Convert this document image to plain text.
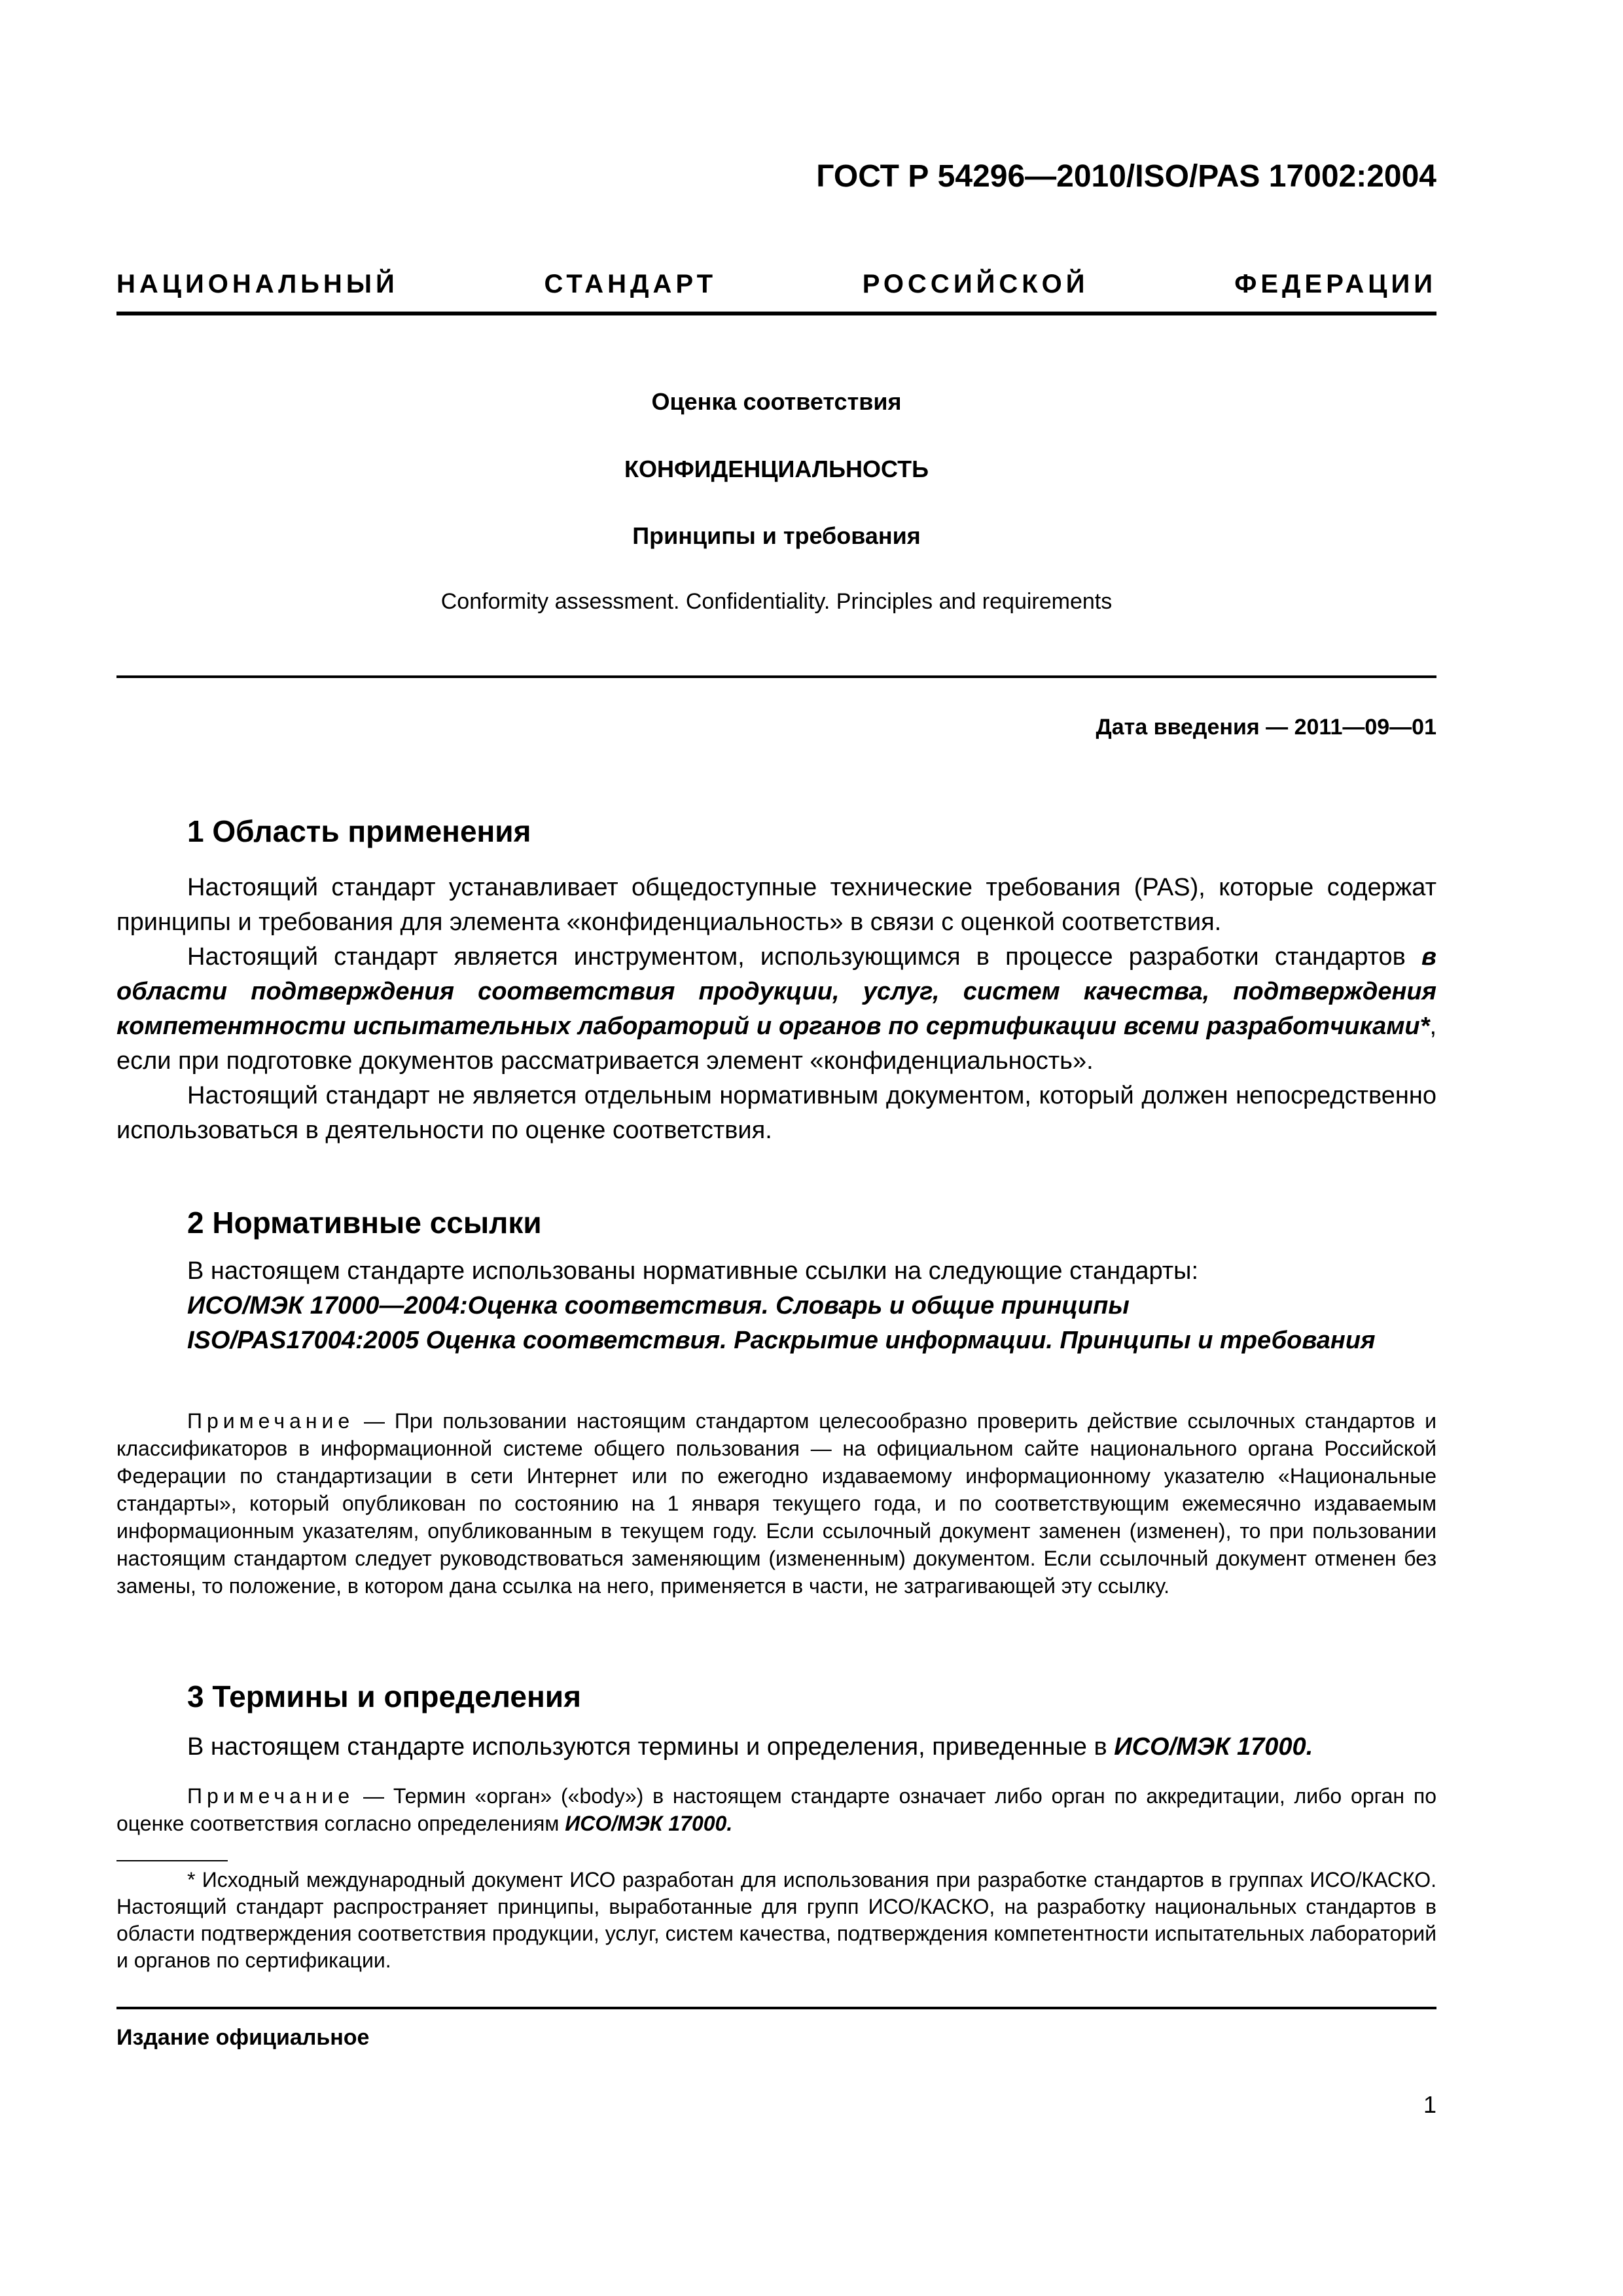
ГОСТ Р 54296—2010/ISO/PAS 17002:2004
НАЦИОНАЛЬНЫЙ СТАНДАРТ РОССИЙСКОЙ ФЕДЕРАЦИИ
Оценка соответствия
КОНФИДЕНЦИАЛЬНОСТЬ
Принципы и требования
Conformity assessment. Confidentiality. Principles and requirements
Дата введения — 2011—09—01
1 Область применения

Настоящий стандарт устанавливает общедоступные технические требования (PAS), которые содержат принципы и требования для элемента «конфиденциальность» в связи с оценкой соответствия.

Настоящий стандарт является инструментом, использующимся в процессе разработки стандартов в области подтверждения соответствия продукции, услуг, систем качества, подтверждения компетентности испытательных лабораторий и органов по сертификации всеми разработчиками*, если при подготовке документов рассматривается элемент «конфиденциальность».

Настоящий стандарт не является отдельным нормативным документом, который должен непосредственно использоваться в деятельности по оценке соответствия.

2 Нормативные ссылки

В настоящем стандарте использованы нормативные ссылки на следующие стандарты:

ИСО/МЭК 17000—2004:Оценка соответствия. Словарь и общие принципы

ISO/PAS17004:2005 Оценка соответствия. Раскрытие информации. Принципы и требования

Примечание — При пользовании настоящим стандартом целесообразно проверить действие ссылочных стандартов и классификаторов в информационной системе общего пользования — на официальном сайте национального органа Российской Федерации по стандартизации в сети Интернет или по ежегодно издаваемому информационному указателю «Национальные стандарты», который опубликован по состоянию на 1 января текущего года, и по соответствующим ежемесячно издаваемым информационным указателям, опубликованным в текущем году. Если ссылочный документ заменен (изменен), то при пользовании настоящим стандартом следует руководствоваться заменяющим (измененным) документом. Если ссылочный документ отменен без замены, то положение, в котором дана ссылка на него, применяется в части, не затрагивающей эту ссылку.

3 Термины и определения

В настоящем стандарте используются термины и определения, приведенные в ИСО/МЭК 17000.

Примечание — Термин «орган» («body») в настоящем стандарте означает либо орган по аккредитации, либо орган по оценке соответствия согласно определениям ИСО/МЭК 17000.

* Исходный международный документ ИСО разработан для использования при разработке стандартов в группах ИСО/КАСКО. Настоящий стандарт распространяет принципы, выработанные для групп ИСО/КАСКО, на разработку национальных стандартов в области подтверждения соответствия продукции, услуг, систем качества, подтверждения компетентности испытательных лабораторий и органов по сертификации.

Издание официальное
1
